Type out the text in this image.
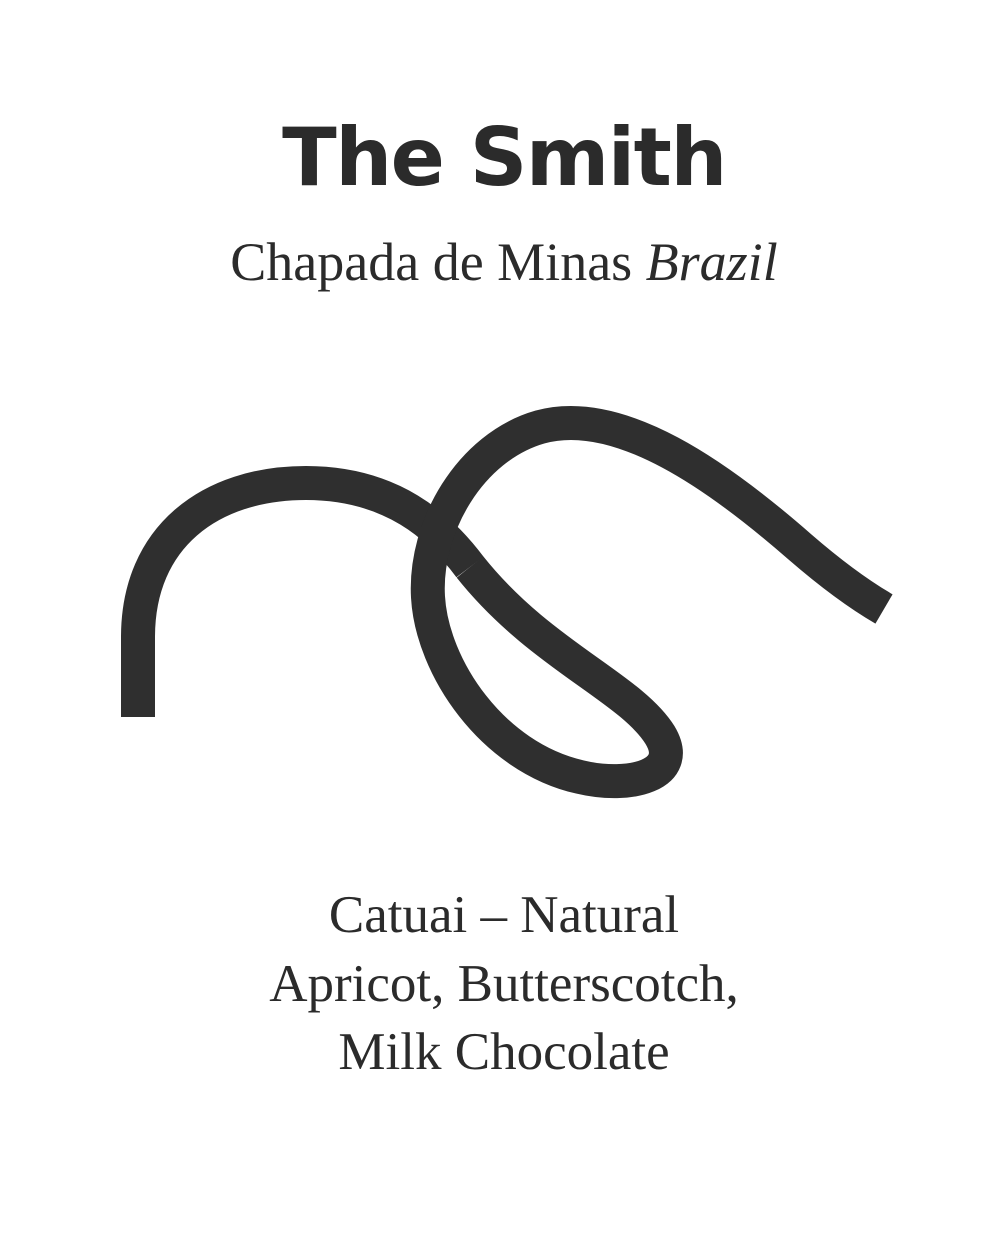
The Smith
Chapada de Minas Brazil
Catuai – Natural
Apricot, Butterscotch,
Milk Chocolate
